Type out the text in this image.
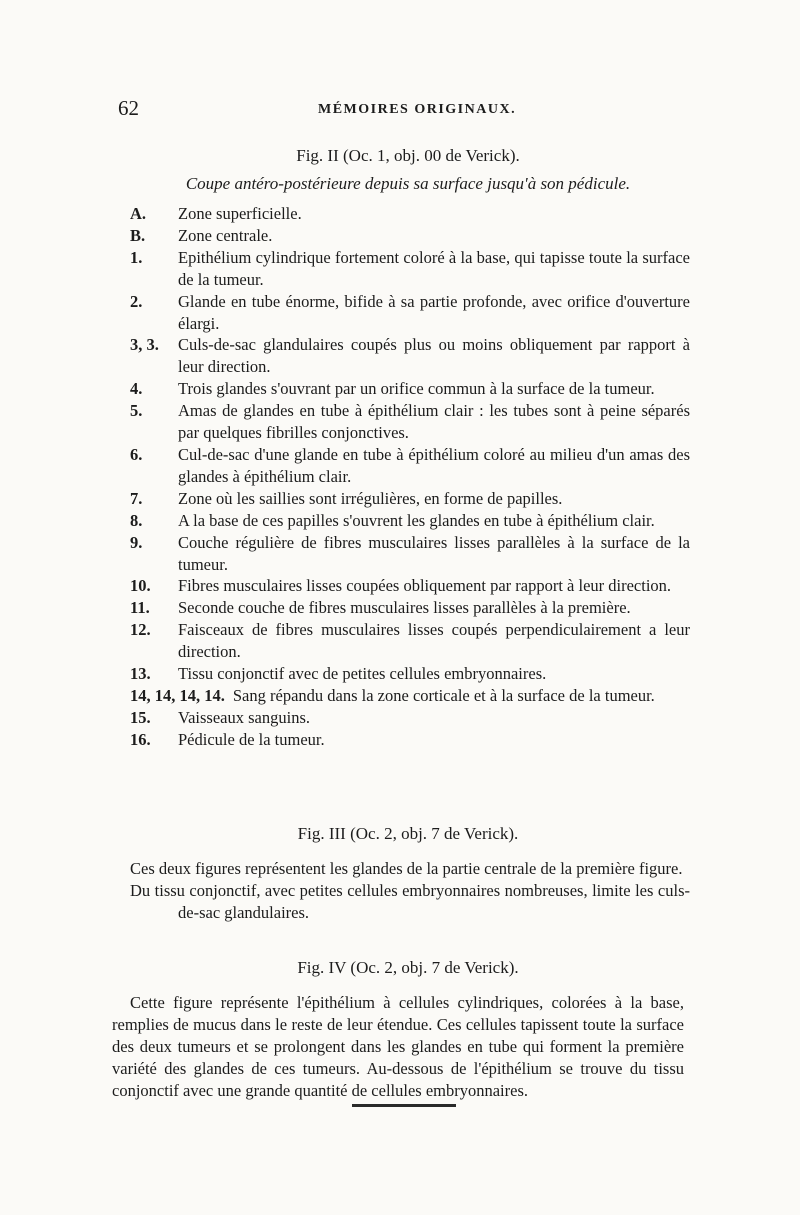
62	MÉMOIRES ORIGINAUX.
Fig. II (Oc. 1, obj. 00 de Verick).
Coupe antéro-postérieure depuis sa surface jusqu'à son pédicule.
A. Zone superficielle.
B. Zone centrale.
1. Epithélium cylindrique fortement coloré à la base, qui tapisse toute la surface de la tumeur.
2. Glande en tube énorme, bifide à sa partie profonde, avec orifice d'ouverture élargi.
3, 3. Culs-de-sac glandulaires coupés plus ou moins obliquement par rapport à leur direction.
4. Trois glandes s'ouvrant par un orifice commun à la surface de la tumeur.
5. Amas de glandes en tube à épithélium clair : les tubes sont à peine séparés par quelques fibrilles conjonctives.
6. Cul-de-sac d'une glande en tube à épithélium coloré au milieu d'un amas des glandes à épithélium clair.
7. Zone où les saillies sont irrégulières, en forme de papilles.
8. A la base de ces papilles s'ouvrent les glandes en tube à épithélium clair.
9. Couche régulière de fibres musculaires lisses parallèles à la surface de la tumeur.
10. Fibres musculaires lisses coupées obliquement par rapport à leur direction.
11. Seconde couche de fibres musculaires lisses parallèles à la première.
12. Faisceaux de fibres musculaires lisses coupés perpendiculairement a leur direction.
13. Tissu conjonctif avec de petites cellules embryonnaires.
14, 14, 14, 14. Sang répandu dans la zone corticale et à la surface de la tumeur.
15. Vaisseaux sanguins.
16. Pédicule de la tumeur.
Fig. III (Oc. 2, obj. 7 de Verick).
Ces deux figures représentent les glandes de la partie centrale de la première figure.
Du tissu conjonctif, avec petites cellules embryonnaires nombreuses, limite les culs-de-sac glandulaires.
Fig. IV (Oc. 2, obj. 7 de Verick).
Cette figure représente l'épithélium à cellules cylindriques, colorées à la base, remplies de mucus dans le reste de leur étendue. Ces cellules tapissent toute la surface des deux tumeurs et se prolongent dans les glandes en tube qui forment la première variété des glandes de ces tumeurs. Au-dessous de l'épithélium se trouve du tissu conjonctif avec une grande quantité de cellules embryonnaires.
